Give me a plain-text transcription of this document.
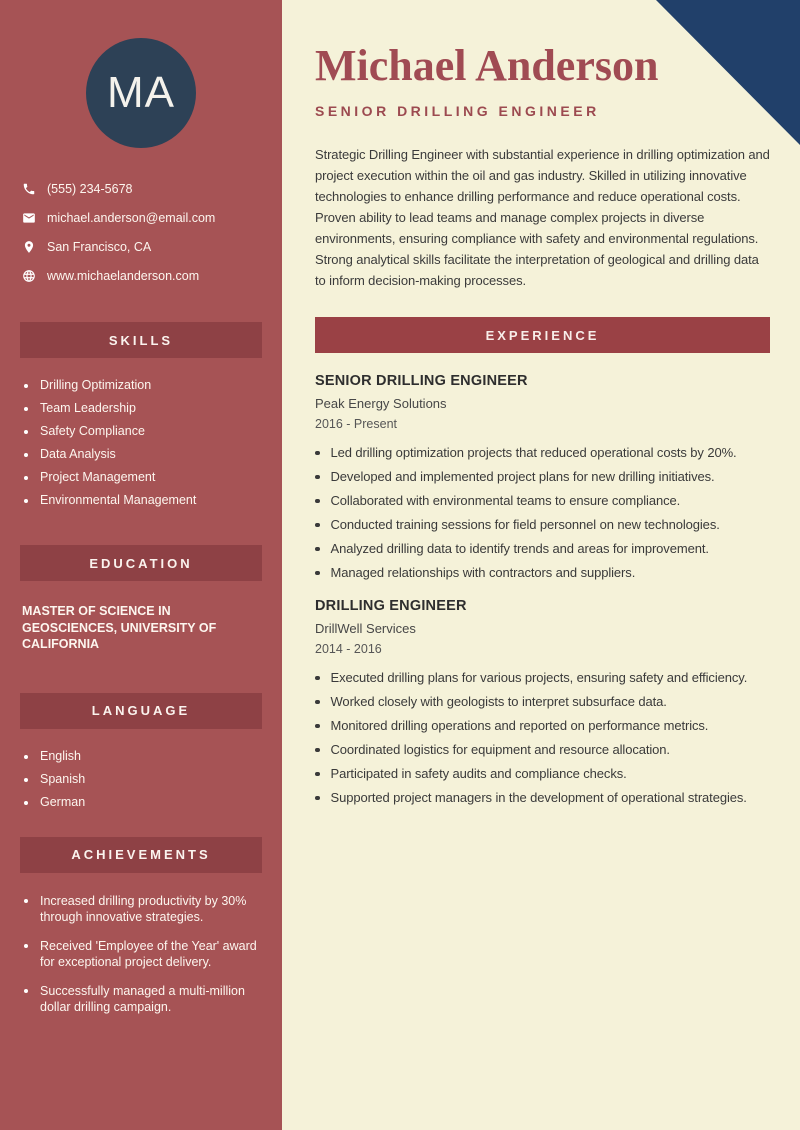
MA
(555) 234-5678
michael.anderson@email.com
San Francisco, CA
www.michaelanderson.com
SKILLS
Drilling Optimization
Team Leadership
Safety Compliance
Data Analysis
Project Management
Environmental Management
EDUCATION
MASTER OF SCIENCE IN GEOSCIENCES, UNIVERSITY OF CALIFORNIA
LANGUAGE
English
Spanish
German
ACHIEVEMENTS
Increased drilling productivity by 30% through innovative strategies.
Received 'Employee of the Year' award for exceptional project delivery.
Successfully managed a multi-million dollar drilling campaign.
Michael Anderson
SENIOR DRILLING ENGINEER

Strategic Drilling Engineer with substantial experience in drilling optimization and project execution within the oil and gas industry. Skilled in utilizing innovative technologies to enhance drilling performance and reduce operational costs. Proven ability to lead teams and manage complex projects in diverse environments, ensuring compliance with safety and environmental regulations. Strong analytical skills facilitate the interpretation of geological and drilling data to inform decision-making processes.

EXPERIENCE
SENIOR DRILLING ENGINEER
Peak Energy Solutions
2016 - Present
Led drilling optimization projects that reduced operational costs by 20%.
Developed and implemented project plans for new drilling initiatives.
Collaborated with environmental teams to ensure compliance.
Conducted training sessions for field personnel on new technologies.
Analyzed drilling data to identify trends and areas for improvement.
Managed relationships with contractors and suppliers.
DRILLING ENGINEER
DrillWell Services
2014 - 2016
Executed drilling plans for various projects, ensuring safety and efficiency.
Worked closely with geologists to interpret subsurface data.
Monitored drilling operations and reported on performance metrics.
Coordinated logistics for equipment and resource allocation.
Participated in safety audits and compliance checks.
Supported project managers in the development of operational strategies.
